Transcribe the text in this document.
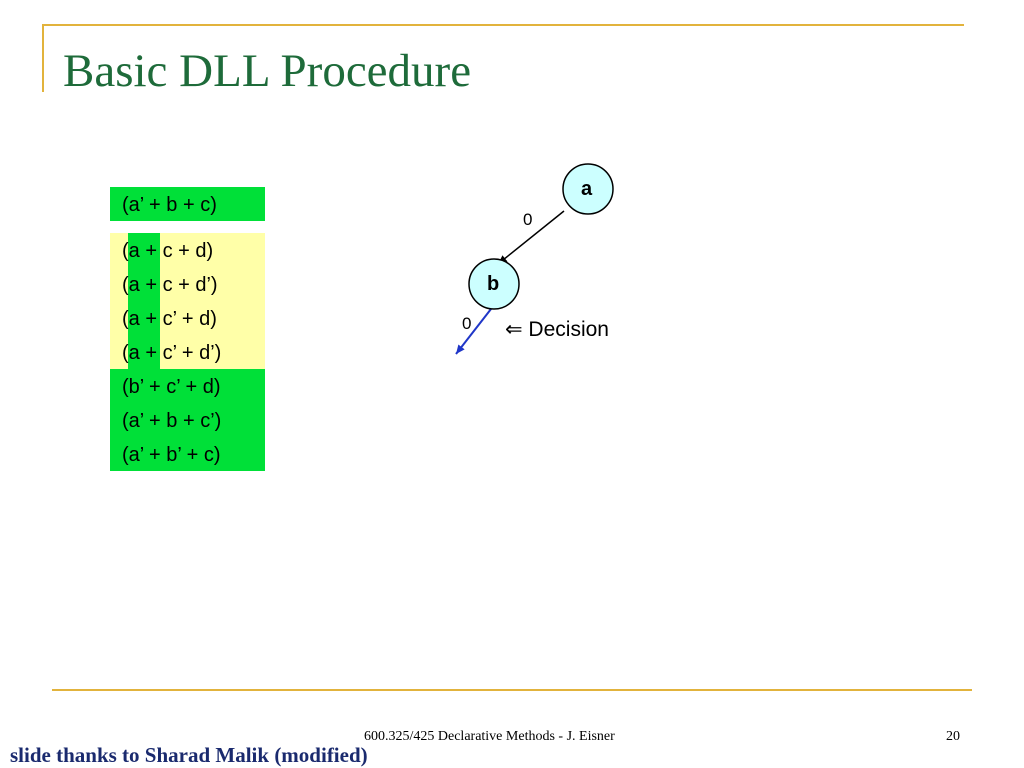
Basic DLL Procedure
(a’ + b + c)
(a + c + d)
(a + c + d’)
(a + c’ + d)
(a + c’ + d’)
(b’ + c’ + d)
(a’ + b + c’)
(a’ + b’ + c)
a
b
0
0 ⇐ Decision
600.325/425 Declarative Methods - J. Eisner	20
slide thanks to Sharad Malik (modified)
